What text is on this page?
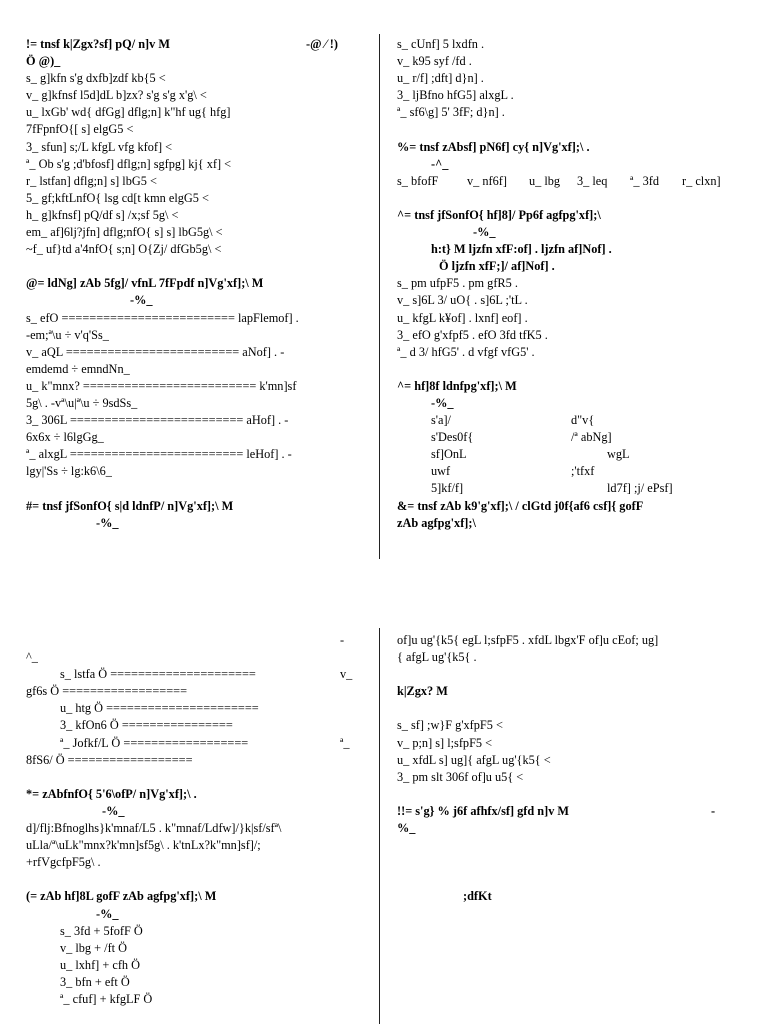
!= tnsf k|Zgx?sf] pQ/ n]v M	-@ ⁄ !)
Ö @)_
s_ g]kfn s'g dxfb]zdf kb{5 <
v_ g]kfnsf l5d]dL b]zx? s'g s'g x'g\ <
u_ lxGb' wd{ dfGg] dflg;n] k"hf ug{ hfg]
7fFpnfO{[ s] elgG5 <
3_ sfun] s;/L kfgL vfg kfof] <
ª_ Ob s'g ;d'bfosf] dflg;n] sgfpg] kj{ xf] <
r_ lstfan] dflg;n] s] lbG5 <
5_ gf;kftLnfO{ lsg cd[t kmn elgG5 <
h_ g]kfnsf] pQ/df s] /x;sf 5g\ <
em_ af]6lj?jfn] dflg;nfO{ s] s] lbG5g\ <
~f_ uf}td a'4nfO{ s;n] O{Zj/ dfGb5g\ <
@= ldNg] zAb 5fg]/ vfnL 7fFpdf n]Vg'xf];\ M
-%_
s_ efO ========================= lapFlemof] .
-em;ª\u ÷ v'q'Ss_
v_ aQL ========================= aNof] . -
emdemd ÷ emndNn_
u_ k"mnx? ========================= k'mn]sf
5g\ . -vª\u|ª\u ÷ 9sdSs_
3_ 306L ========================= aHof] . -
6x6x ÷ l6lgGg_
ª_ alxgL ========================= leHof] . -
lgy|'Ss ÷ lg:k6\6_
#= tnsf jfSonfO{ s|d ldnfP/ n]Vg'xf];\ M
-%_
s_ cUnf] 5 lxdfn .
v_ k95 syf /fd .
u_ r/f] ;dft] d}n] .
3_ ljBfno hfG5] alxgL .
ª_ sf6\g] 5' 3fF; d}n] .
%= tnsf zAbsf] pN6f] cy{ n]Vg'xf];\ .
-^_
s_ bfofF v_ nf6f] u_ lbg 3_ leq ª_ 3fd r_ clxn]
^= tnsf jfSonfO{ hf]8]/ Pp6f agfpg'xf];\
-%_
h:t} M ljzfn xfF:of] . ljzfn af]Nof] .
Ö ljzfn xfF;]/ af]Nof] .
s_ pm ufpF5 . pm gfR5 .
v_ s]6L 3/ uO{ . s]6L ;'tL .
u_ kfgL k¥of] . lxnf] eof] .
3_ efO g'xfpf5 . efO 3fd tfK5 .
ª_ d 3/ hfG5' . d vfgf vfG5' .
^= hf]8f ldnfpg'xf];\ M
-%_
s'a]/	d"v{
s'Des0f{	/ª abNg]
sf]OnL	wgL
uwf	;'tfxf
5]kf/f]	ld7f] ;j/ ePsf]
&= tnsf zAb k9'g'xf];\ / clGtd j0f{af6 csf]{ gofF
zAb agfpg'xf];\
-
^_
s_ lstfa Ö =====================	v_
gf6s Ö ==================
u_ htg Ö ======================
3_ kfOn6 Ö ================
ª_ Jofkf/L Ö ==================	ª_
8fS6/ Ö ==================
*= zAbfnfO{ 5'6\ofP/ n]Vg'xf];\ .
-%_
d]/flj:Bfnoglhs}k'mnaf/L5 . k"mnaf/Ldfw]/}k|sf/sfª\
uLla/ª\uLk"mnx?k'mn]sf5g\ . k'tnLx?k"mn]sf]/;
+rfVgcfpF5g\ .
(= zAb hf]8L gofF zAb agfpg'xf];\ M
-%_
s_ 3fd + 5fofF Ö
v_ lbg + /ft Ö
u_ lxhf] + cfh Ö
3_ bfn + eft Ö
ª_ cfuf] + kfgLF Ö
of]u ug'{k5{ egL l;sfpF5 . xfdL lbgx'F of]u cEof; ug]
{ afgL ug'{k5{ .
k|Zgx? M
s_ sf] ;w}F g'xfpF5 <
v_ p;n] s] l;sfpF5 <
u_ xfdL s] ug]{ afgL ug'{k5{ <
3_ pm slt 306f of]u u5{ <
!!= s'g} % j6f afhfx/sf] gfd n]v M	-
%_
;dfKt
